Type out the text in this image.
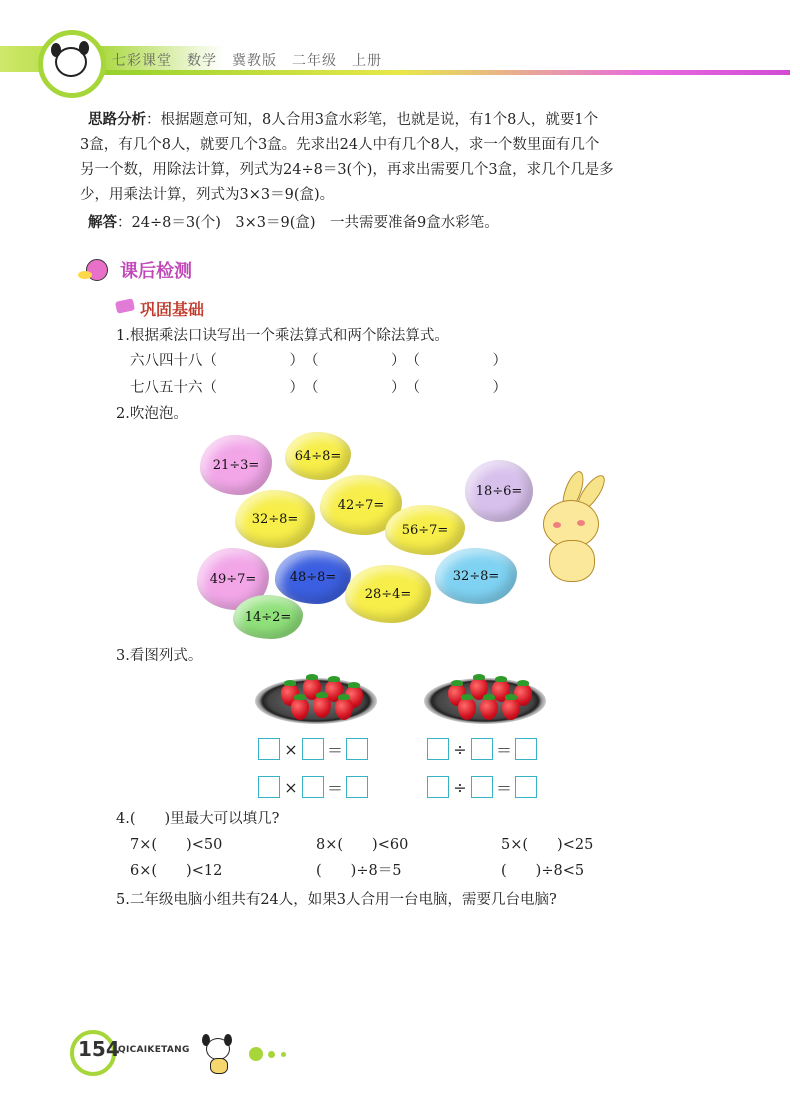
七彩课堂　数学　冀教版　二年级　上册
思路分析：根据题意可知，8人合用3盒水彩笔，也就是说，有1个8人，就要1个
3盒，有几个8人，就要几个3盒。先求出24人中有几个8人，求一个数里面有几个
另一个数，用除法计算，列式为24÷8＝3(个)，再求出需要几个3盒，求几个几是多
少，用乘法计算，列式为3×3＝9(盒)。
解答：24÷8＝3(个)　3×3＝9(盒)　一共需要准备9盒水彩笔。
课后检测
巩固基础
1.根据乘法口诀写出一个乘法算式和两个除法算式。
六八四十八（　　　　　）　（　　　　　）　（　　　　　）
七八五十六（　　　　　）　（　　　　　）　（　　　　　）
2.吹泡泡。
21÷3=
64÷8=
42÷7=
18÷6=
32÷8=
56÷7=
49÷7=	48÷8=
28÷4=
32÷8=
14÷2=
3.看图列式。
× ＝	÷ ＝
× ＝	÷ ＝
4.(　　)里最大可以填几?
7×(　　)<50	8×(　　)<60	5×(　　)<25
6×(　　)<12	(　　)÷8＝5	(　　)÷8<5
5.二年级电脑小组共有24人，如果3人合用一台电脑，需要几台电脑?
154
QICAIKETANG
